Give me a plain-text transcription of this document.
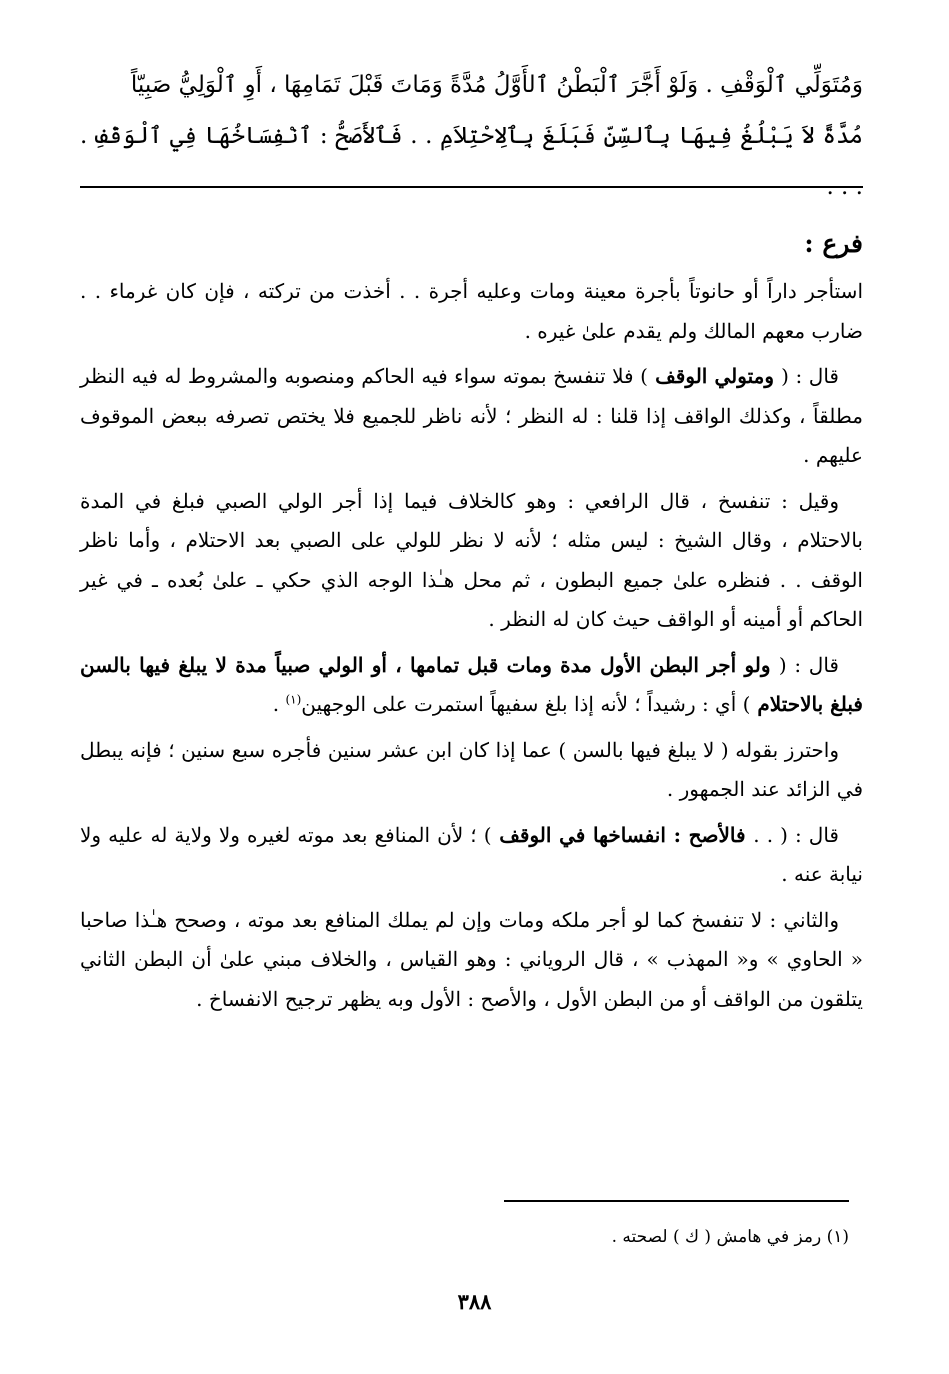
وَمُتَوَلِّي ٱلْوَقْفِ . وَلَوْ أَجَّرَ ٱلْبَطْنُ ٱلأَوَّلُ مُدَّةً وَمَاتَ قَبْلَ تَمَامِهَا ، أَوِ ٱلْوَلِيُّ صَبِيّاً
مُدَّةً لاَ يَبْلُغُ فِيهَا بِٱلسِّنِّ فَبَلَغَ بِٱلِاحْتِلاَمِ . . فَٱلأَصَحُّ : ٱنْفِسَاخُهَا فِي ٱلْوَقْفِ . . . .
فرع :

استأجر داراً أو حانوتاً بأجرة معينة ومات وعليه أجرة . . أخذت من تركته ، فإن كان غرماء . . ضارب معهم المالك ولم يقدم علىٰ غيره .

قال : ( ومتولي الوقف ) فلا تنفسخ بموته سواء فيه الحاكم ومنصوبه والمشروط له فيه النظر مطلقاً ، وكذلك الواقف إذا قلنا : له النظر ؛ لأنه ناظر للجميع فلا يختص تصرفه ببعض الموقوف عليهم .

وقيل : تنفسخ ، قال الرافعي : وهو كالخلاف فيما إذا أجر الولي الصبي فبلغ في المدة بالاحتلام ، وقال الشيخ : ليس مثله ؛ لأنه لا نظر للولي على الصبي بعد الاحتلام ، وأما ناظر الوقف . . فنظره علىٰ جميع البطون ، ثم محل هـٰذا الوجه الذي حكي ـ علىٰ بُعده ـ في غير الحاكم أو أمينه أو الواقف حيث كان له النظر .

قال : ( ولو أجر البطن الأول مدة ومات قبل تمامها ، أو الولي صبياً مدة لا يبلغ فيها بالسن فبلغ بالاحتلام ) أي : رشيداً ؛ لأنه إذا بلغ سفيهاً استمرت على الوجهين$^{(١)}$ .

واحترز بقوله ( لا يبلغ فيها بالسن ) عما إذا كان ابن عشر سنين فأجره سبع سنين ؛ فإنه يبطل في الزائد عند الجمهور .

قال : ( . . فالأصح : انفساخها في الوقف ) ؛ لأن المنافع بعد موته لغيره ولا ولاية له عليه ولا نيابة عنه .

والثاني : لا تنفسخ كما لو أجر ملكه ومات وإن لم يملك المنافع بعد موته ، وصحح هـٰذا صاحبا « الحاوي » و« المهذب » ، قال الروياني : وهو القياس ، والخلاف مبني علىٰ أن البطن الثاني يتلقون من الواقف أو من البطن الأول ، والأصح : الأول وبه يظهر ترجيح الانفساخ .

(١) رمز في هامش ( ك ) لصحته .
٣٨٨
